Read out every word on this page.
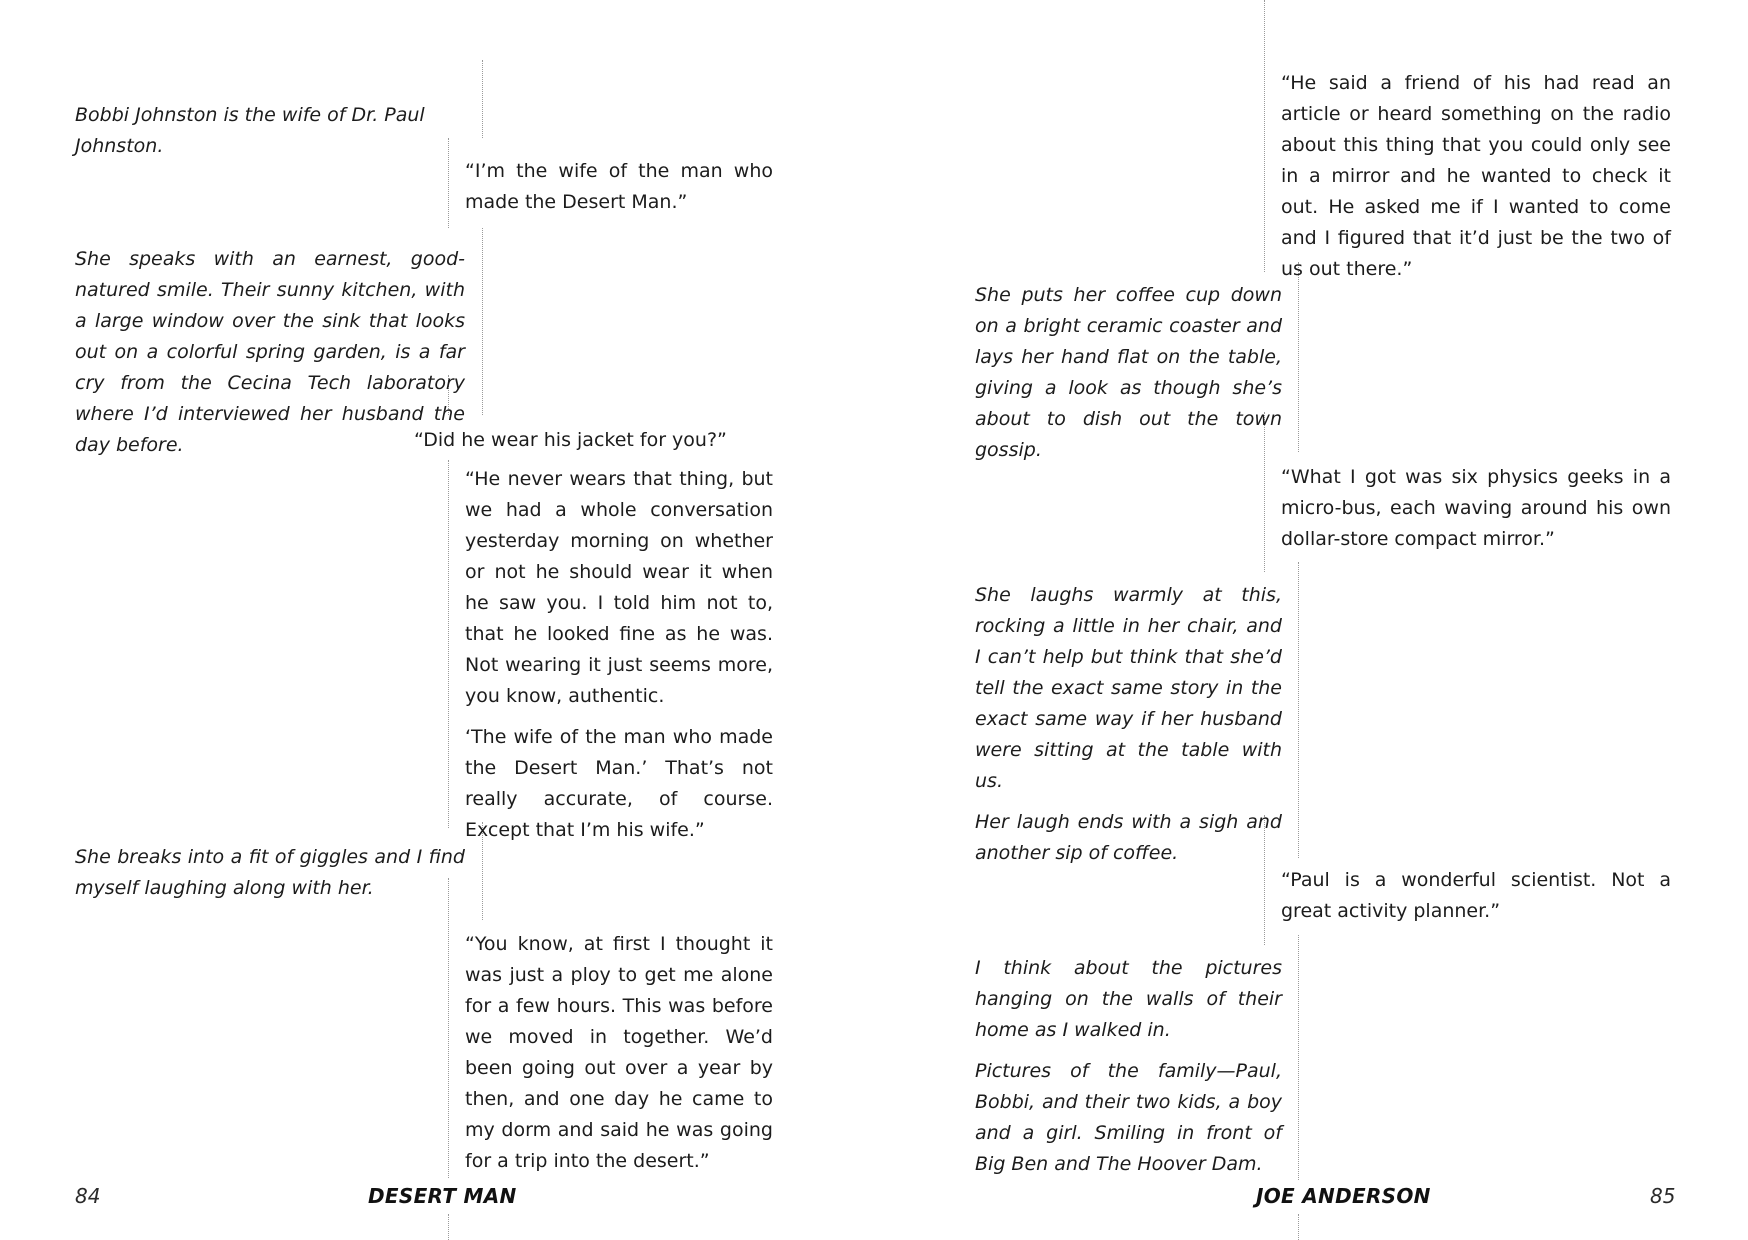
Bobbi Johnston is the wife of Dr. Paul Johnston.
“I’m the wife of the man who made the Desert Man.”
She speaks with an earnest, good-natured smile. Their sunny kitchen, with a large window over the sink that looks out on a colorful spring garden, is a far cry from the Cecina Tech laboratory where I’d interviewed her husband the day before.	“Did he wear his jacket for you?”

“He never wears that thing, but we had a whole conversation yesterday morning on whether or not he should wear it when he saw you. I told him not to, that he looked fine as he was. Not wearing it just seems more, you know, authentic.

‘The wife of the man who made the Desert Man.’ That’s not really accurate, of course. Except that I’m his wife.”

She breaks into a fit of giggles and I find myself laughing along with her.
“You know, at first I thought it was just a ploy to get me alone for a few hours. This was before we moved in together. We’d been going out over a year by then, and one day he came to my dorm and said he was going for a trip into the desert.”
84	DESERT MAN
“He said a friend of his had read an article or heard something on the radio about this thing that you could only see in a mirror and he wanted to check it out. He asked me if I wanted to come and I figured that it’d just be the two of us out there.”
She puts her coffee cup down on a bright ceramic coaster and lays her hand flat on the table, giving a look as though she’s about to dish out the town gossip.
“What I got was six physics geeks in a micro-bus, each waving around his own dollar-store compact mirror.”

She laughs warmly at this, rocking a little in her chair, and I can’t help but think that she’d tell the exact same story in the exact same way if her husband were sitting at the table with us.

Her laugh ends with a sigh and another sip of coffee.

“Paul is a wonderful scientist. Not a great activity planner.”

I think about the pictures hanging on the walls of their home as I walked in.

Pictures of the family—Paul, Bobbi, and their two kids, a boy and a girl. Smiling in front of Big Ben and The Hoover Dam.

JOE ANDERSON	85
